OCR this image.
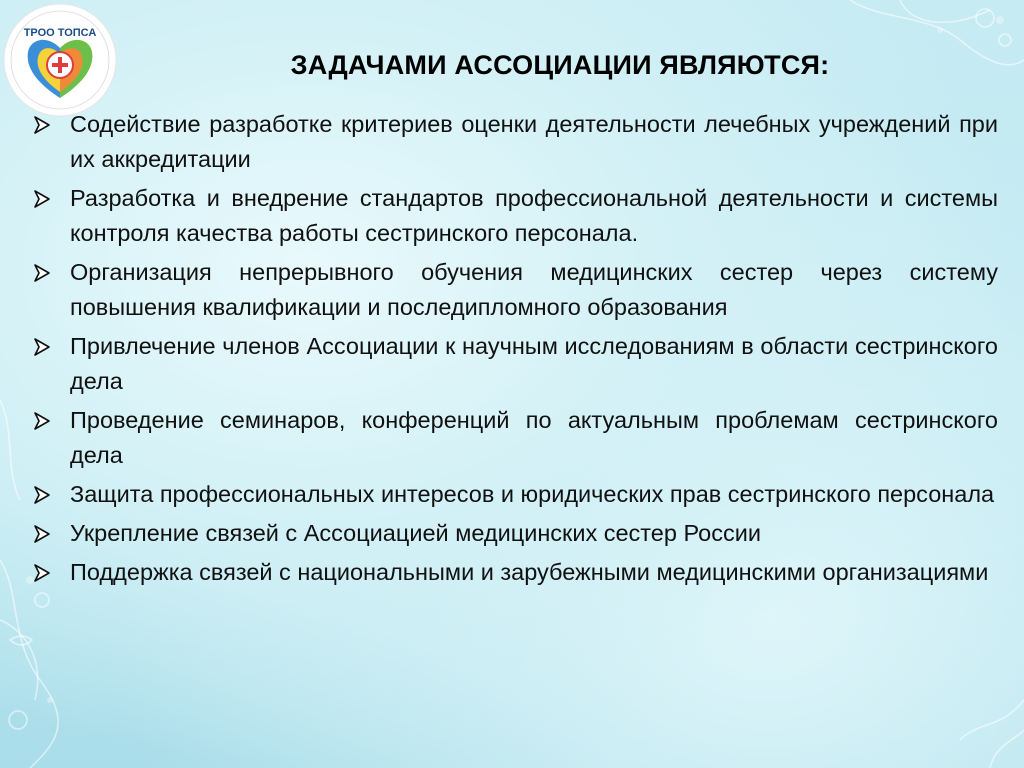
ТРОО ТОПСА
ЗАДАЧАМИ АССОЦИАЦИИ ЯВЛЯЮТСЯ:
Содействие разработке критериев оценки деятельности лечебных учреждений при их аккредитации
Разработка и внедрение стандартов профессиональной деятельности и системы контроля качества работы сестринского персонала.
Организация непрерывного обучения медицинских сестер через систему повышения квалификации и последипломного образования
Привлечение членов Ассоциации к научным исследованиям в области сестринского дела
Проведение семинаров, конференций по актуальным проблемам сестринского дела
Защита профессиональных интересов и юридических прав сестринского персонала
Укрепление связей с Ассоциацией медицинских сестер России
Поддержка связей с национальными и зарубежными медицинскими организациями
